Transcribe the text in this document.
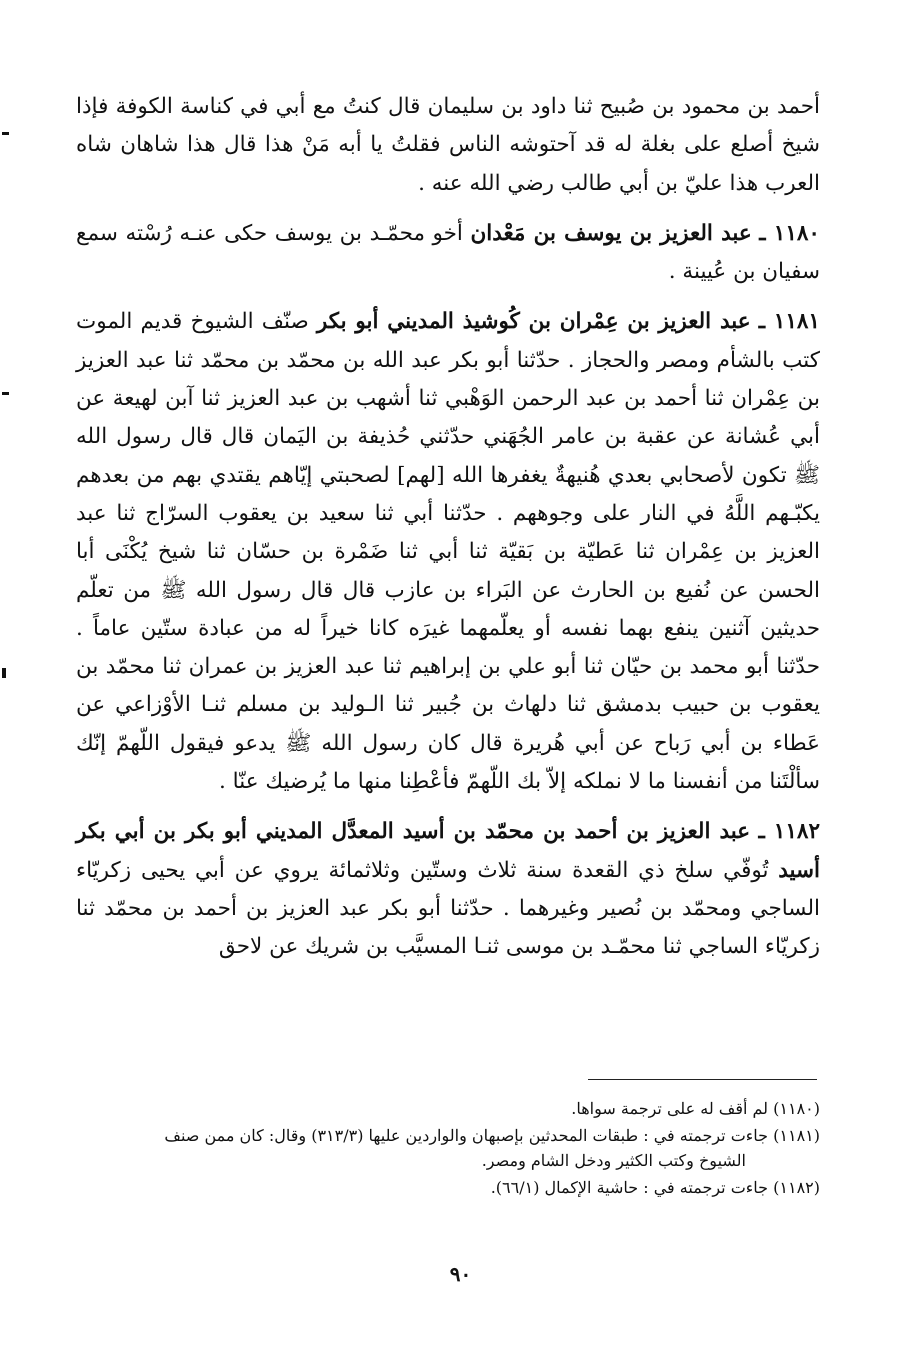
أحمد بن محمود بن صُبيح ثنا داود بن سليمان قال كنتُ مع أبي في كناسة الكوفة فإذا شيخ أصلع على بغلة له قد آحتوشه الناس فقلتُ يا أبه مَنْ هذا قال هذا شاهان شاه العرب هذا عليّ بن أبي طالب رضي الله عنه .

١١٨٠ ـ عبد العزيز بن يوسف بن مَعْدان أخو محمّـد بن يوسف حكى عنـه رُسْته سمع سفيان بن عُيينة .

١١٨١ ـ عبد العزيز بن عِمْران بن كُوشيذ المديني أبو بكر صنّف الشيوخ قديم الموت كتب بالشأم ومصر والحجاز . حدّثنا أبو بكر عبد الله بن محمّد بن محمّد ثنا عبد العزيز بن عِمْران ثنا أحمد بن عبد الرحمن الوَهْبي ثنا أشهب بن عبد العزيز ثنا آبن لهيعة عن أبي عُشانة عن عقبة بن عامر الجُهَني حدّثني حُذيفة بن اليَمان قال قال رسول الله ﷺ تكون لأصحابي بعدي هُنيهةٌ يغفرها الله [لهم] لصحبتي إيّاهم يقتدي بهم من بعدهم يكبّـهم اللَّهُ في النار على وجوههم . حدّثنا أبي ثنا سعيد بن يعقوب السرّاج ثنا عبد العزيز بن عِمْران ثنا عَطيّة بن بَقيّة ثنا أبي ثنا ضَمْرة بن حسّان ثنا شيخ يُكْنَى أبا الحسن عن نُفيع بن الحارث عن البَراء بن عازب قال قال رسول الله ﷺ من تعلّم حديثين آثنين ينفع بهما نفسه أو يعلّمهما غيرَه كانا خيراً له من عبادة ستّين عاماً . حدّثنا أبو محمد بن حيّان ثنا أبو علي بن إبراهيم ثنا عبد العزيز بن عمران ثنا محمّد بن يعقوب بن حبيب بدمشق ثنا دلهاث بن جُبير ثنا الـوليد بن مسلم ثنـا الأوْزاعي عن عَطاء بن أبي رَباح عن أبي هُريرة قال كان رسول الله ﷺ يدعو فيقول اللّهمّ إنّك سألْتَنا من أنفسنا ما لا نملكه إلاّ بك اللّهمّ فأعْطِنا منها ما يُرضيك عنّا .

١١٨٢ ـ عبد العزيز بن أحمد بن محمّد بن أسيد المعدَّل المديني أبو بكر بن أبي بكر أسيد تُوفّي سلخ ذي القعدة سنة ثلاث وستّين وثلاثمائة يروي عن أبي يحيى زكريّاء الساجي ومحمّد بن نُصير وغيرهما . حدّثنا أبو بكر عبد العزيز بن أحمد بن محمّد ثنا زكريّاء الساجي ثنا محمّـد بن موسى ثنـا المسيَّب بن شريك عن لاحق

(١١٨٠) لم أقف له على ترجمة سواها.

(١١٨١) جاءت ترجمته في : طبقات المحدثين بإصبهان والواردين عليها (٣١٣/٣) وقال: كان ممن صنف
الشيوخ وكتب الكثير ودخل الشام ومصر.

(١١٨٢) جاءت ترجمته في : حاشية الإكمال (٦٦/١).

٩٠
